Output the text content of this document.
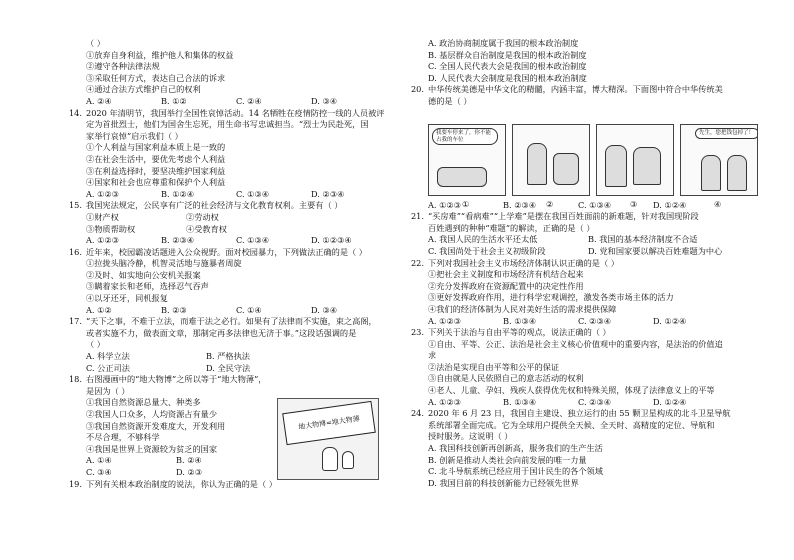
（ ）
①放弃自身利益，维护他人和集体的权益
②遵守各种法律法规
③采取任何方式，表达自己合法的诉求
④通过合法方式维护自己的权利
A. ②④	B. ①②	C. ②④	D. ③④
14. 2020 年清明节，我国举行全国性哀悼活动。14 名牺牲在疫情防控一线的人员被评
定为首批烈士，他们为国舍生忘死，用生命书写忠诚担当。“烈士为民赴死，国
家举行哀悼”启示我们（ ）
①个人利益与国家利益本质上是一致的
②在社会生活中，要优先考虑个人利益
③在利益选择时，要坚决维护国家利益
④国家和社会也应尊重和保护个人利益
A. ①②③	B. ①②④	C. ①③④	D. ②③④
15. 我国宪法规定，公民享有广泛的社会经济与文化教育权利。主要有（ ）
①财产权	②劳动权
③物质帮助权	④受教育权
A. ①②③	B. ②③④	C. ①③④	D. ①②③④
16. 近年来，校园霸凌话题进入公众视野。面对校园暴力，下列做法正确的是（ ）
①拉拢头脑冷静，机智灵活地与施暴者周旋
②及时、如实地向公安机关报案
③瞒着家长和老师，选择忍气吞声
④以牙还牙，同机报复
A. ①②	B. ②③	C. ①④	D. ③④
17. “天下之事，不难于立法，而难于法之必行。如果有了法律而不实施，束之高阁，
或者实施不力，做表面文章，那制定再多法律也无济于事。”这段话强调的是
（ ）
A. 科学立法	B. 严格执法
C. 公正司法	D. 全民守法
18. 右图漫画中的“地大物博”之所以等于“地大物薄”，
是因为（ ）
①我国自然资源总量大、种类多
②我国人口众多，人均资源占有量少
③我国自然资源开发难度大，开发利用
不尽合理，不够科学
④我国是世界上资源较为贫乏的国家
A. ①④	B. ②④
C. ③④	D. ②③
19. 下列有关根本政治制度的说法，你认为正确的是（ ）
地大物博=地大物薄
A. 政治协商制度属于我国的根本政治制度
B. 基层群众自治制度是我国的根本政治制度
C. 全国人民代表大会是我国的根本政治制度
D. 人民代表大会制度是我国的根本政治制度
20. 中华传统美德是中华文化的精髓，内涵丰富，博大精深。下面图中符合中华传统美
德的是（ ）
A. ①②③	B. ②③④	C. ①③④	D. ①②④
21. “买房难”“看病难”“上学难”是摆在我国百姓面前的新难题，针对我国现阶段
百姓遇到的种种“难题”的解读，正确的是（ ）
A. 我国人民的生活水平还太低	B. 我国的基本经济制度不合适
C. 我国尚处于社会主义初级阶段	D. 党和国家要以解决百姓难题为中心
22. 下列对我国社会主义市场经济体制认识正确的是（ ）
①把社会主义制度和市场经济有机结合起来
②充分发挥政府在资源配置中的决定性作用
③更好发挥政府作用，进行科学宏观调控，激发各类市场主体的活力
④我们的经济体制为人民对美好生活的需求提供保障
A. ①②③	B. ①③④	C. ②③④	D. ①②④
23. 下列关于法治与自由平等的观点，说法正确的（ ）
①自由、平等、公正、法治是社会主义核心价值观中的重要内容，是法治的价值追
求
②法治是实现自由平等和公平的保证
③自由就是人民依照自己的意志活动的权利
④老人、儿童、孕妇、残疾人获得优先权和特殊关照，体现了法律意义上的平等
A. ①②③	B. ①③④	C. ②③④	D. ①②④
24. 2020 年 6 月 23 日，我国自主建设、独立运行的由 55 颗卫星构成的北斗卫星导航
系统部署全面完成。它为全球用户提供全天候、全天时、高精度的定位、导航和
授时服务。这说明（ ）
A. 我国科技创新再创新高，服务我们的生产生活
B. 创新是推动人类社会向前发展的唯一力量
C. 北斗导航系统已经应用于国计民生的各个领域
D. 我国目前的科技创新能力已经领先世界
我要车停来了，你不能占我的车位
先生，您把钱包掉了！
①	②	③	④
